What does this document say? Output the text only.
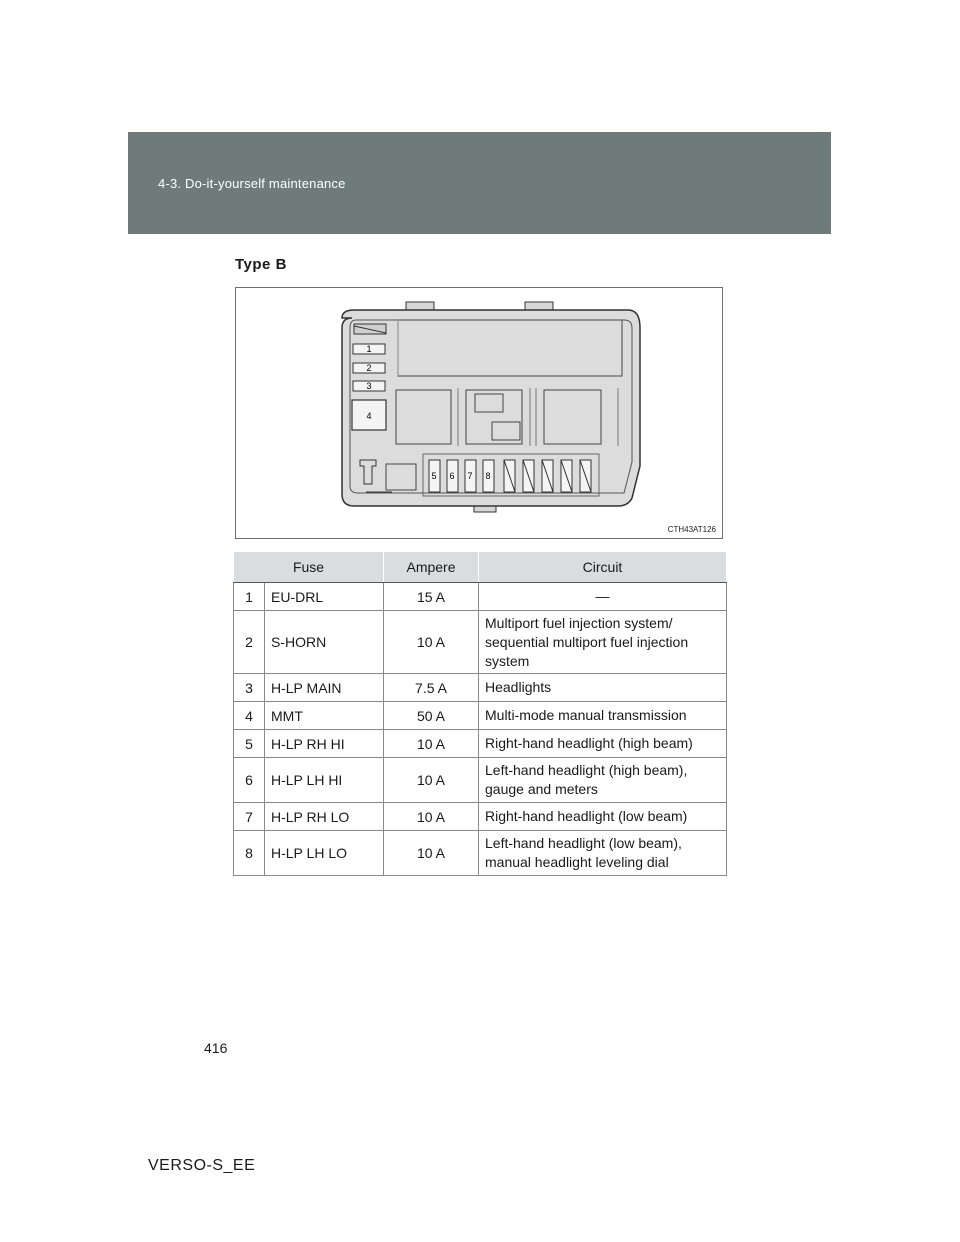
4-3. Do-it-yourself maintenance
Type B
1
2
3
4
5 6 7 8
CTH43AT126
Fuse		Ampere	Circuit
1	EU-DRL	15 A	—
2	S-HORN	10 A	Multiport fuel injection system/ sequential multiport fuel injection system
3	H-LP MAIN	7.5 A	Headlights
4	MMT	50 A	Multi-mode manual transmission
5	H-LP RH HI	10 A	Right-hand headlight (high beam)
6	H-LP LH HI	10 A	Left-hand headlight (high beam), gauge and meters
7	H-LP RH LO	10 A	Right-hand headlight (low beam)
8	H-LP LH LO	10 A	Left-hand headlight (low beam), manual headlight leveling dial
416
VERSO-S_EE
